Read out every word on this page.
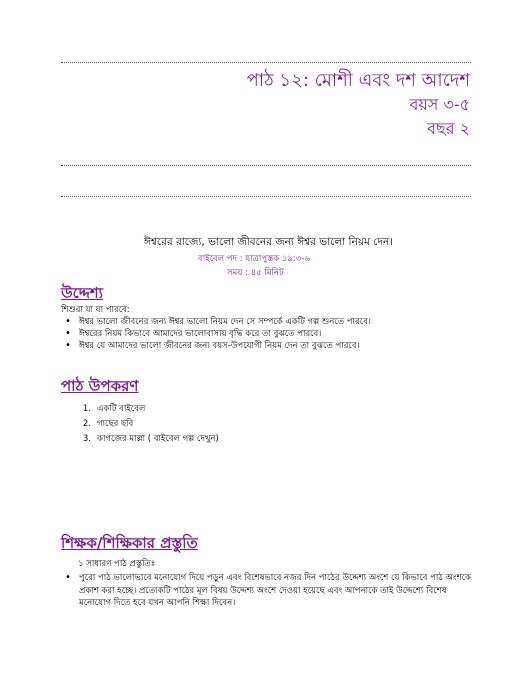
পাঠ ১২: মোশী এবং দশ আদেশ
বয়স ৩-৫
বছর ২
ঈশ্বরের রাজ্যে, ভালো জীবনের জন্য ঈশ্বর ভালো নিয়ম দেন।
বাইবেল পদ : যাত্রাপুস্তক ১৯:৩-৬
সময় : ৪৫ মিনিট
উদ্দেশ্য
শিশুরা যা যা পারবে:
• ঈশ্বর ভালো জীবনের জন্য ঈশ্বর ভালো নিয়ম দেন সে সম্পর্কে একটি গল্প শুনতে পারবে।
• ঈশ্বরের নিয়ম কিভাবে আমাদের ভালোবাসায় বৃদ্ধি করে তা বুঝতে পারবে।
• ঈশ্বর যে আমাদের ভালো জীবনের জন্য বয়স-উপযোগী নিয়ম দেন তা বুঝতে পারবে।
পাঠ উপকরণ
1. একটি বাইবেল
2. গাছের ছবি
3. কাগজের মাল্লা ( বাইবেল গল্প দেখুন)
শিক্ষক/শিক্ষিকার প্রস্তুতি
১ সাধারণ পাঠ প্রস্তুতিঃ
• পুরো পাঠ ভালোভাবে মনোযোগ দিয়ে পড়ুন এবং বিশেষভাবে নজর দিন পাঠের উদ্দেশ্য অংশে যে কিভাবে পাঠ অংশকে প্রকাশ করা হচ্ছে। প্রত্যেকটি পাঠের মূল বিষয় উদ্দেশ্য অংশে দেওয়া হয়েছে এবং আপনাকে তাই উদ্দেশ্যে বিশেষ মনোযোগ দিতে হবে যখন আপনি শিক্ষা দিবেন।
